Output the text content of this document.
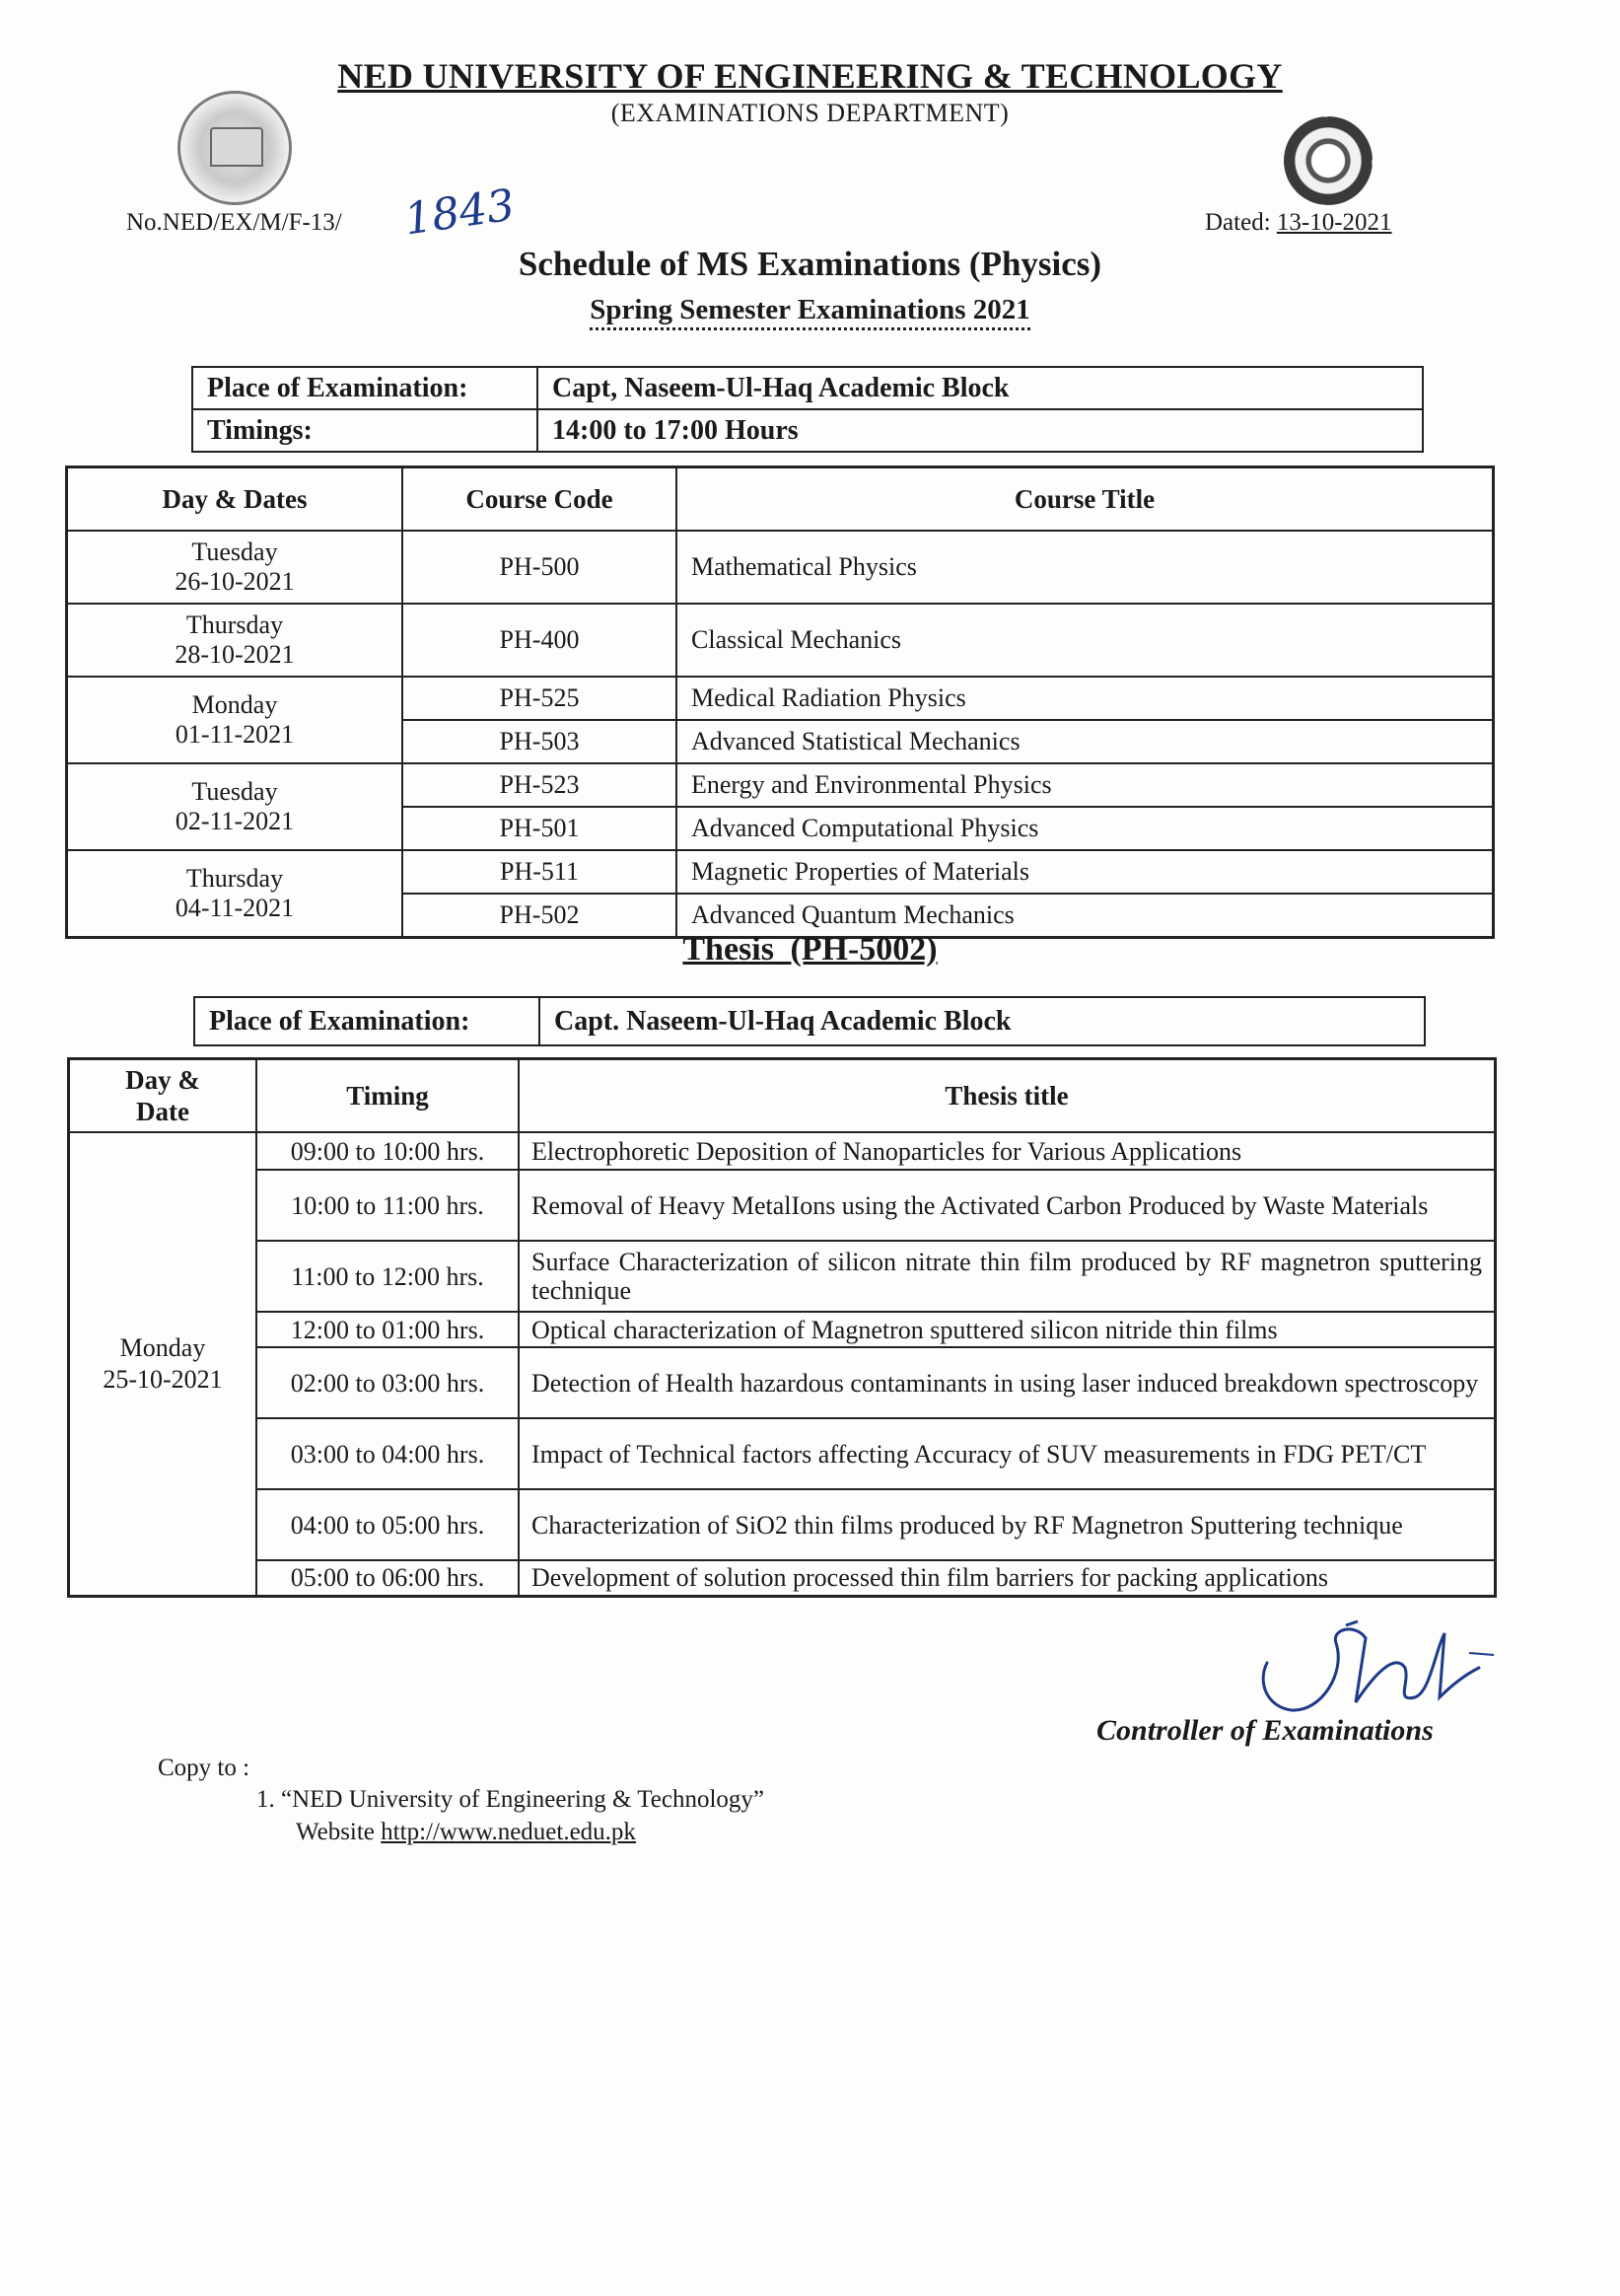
NED UNIVERSITY OF ENGINEERING & TECHNOLOGY
(EXAMINATIONS DEPARTMENT)
No.NED/EX/M/F-13/ 1843	Dated: 13-10-2021
Schedule of MS Examinations (Physics)
Spring Semester Examinations 2021
Place of Examination:	Capt, Naseem-Ul-Haq Academic Block
Timings:	14:00 to 17:00 Hours
Day & Dates	Course Code	Course Title
Tuesday
26-10-2021	PH-500	Mathematical Physics
Thursday
28-10-2021	PH-400	Classical Mechanics
Monday
01-11-2021	PH-525	Medical Radiation Physics
	PH-503	Advanced Statistical Mechanics
Tuesday
02-11-2021	PH-523	Energy and Environmental Physics
	PH-501	Advanced Computational Physics
Thursday
04-11-2021	PH-511	Magnetic Properties of Materials
	PH-502	Advanced Quantum Mechanics
Thesis (PH-5002)
Place of Examination:	Capt. Naseem-Ul-Haq Academic Block
Day &
Date	Timing	Thesis title
Monday
25-10-2021	09:00 to 10:00 hrs.	Electrophoretic Deposition of Nanoparticles for Various Applications
	10:00 to 11:00 hrs.	Removal of Heavy MetalIons using the Activated Carbon Produced by Waste Materials
	11:00 to 12:00 hrs.	Surface Characterization of silicon nitrate thin film produced by RF magnetron sputtering technique
	12:00 to 01:00 hrs.	Optical characterization of Magnetron sputtered silicon nitride thin films
	02:00 to 03:00 hrs.	Detection of Health hazardous contaminants in using laser induced breakdown spectroscopy
	03:00 to 04:00 hrs.	Impact of Technical factors affecting Accuracy of SUV measurements in FDG PET/CT
	04:00 to 05:00 hrs.	Characterization of SiO2 thin films produced by RF Magnetron Sputtering technique
	05:00 to 06:00 hrs.	Development of solution processed thin film barriers for packing applications
Controller of Examinations
Copy to :
1. “NED University of Engineering & Technology”
Website http://www.neduet.edu.pk
